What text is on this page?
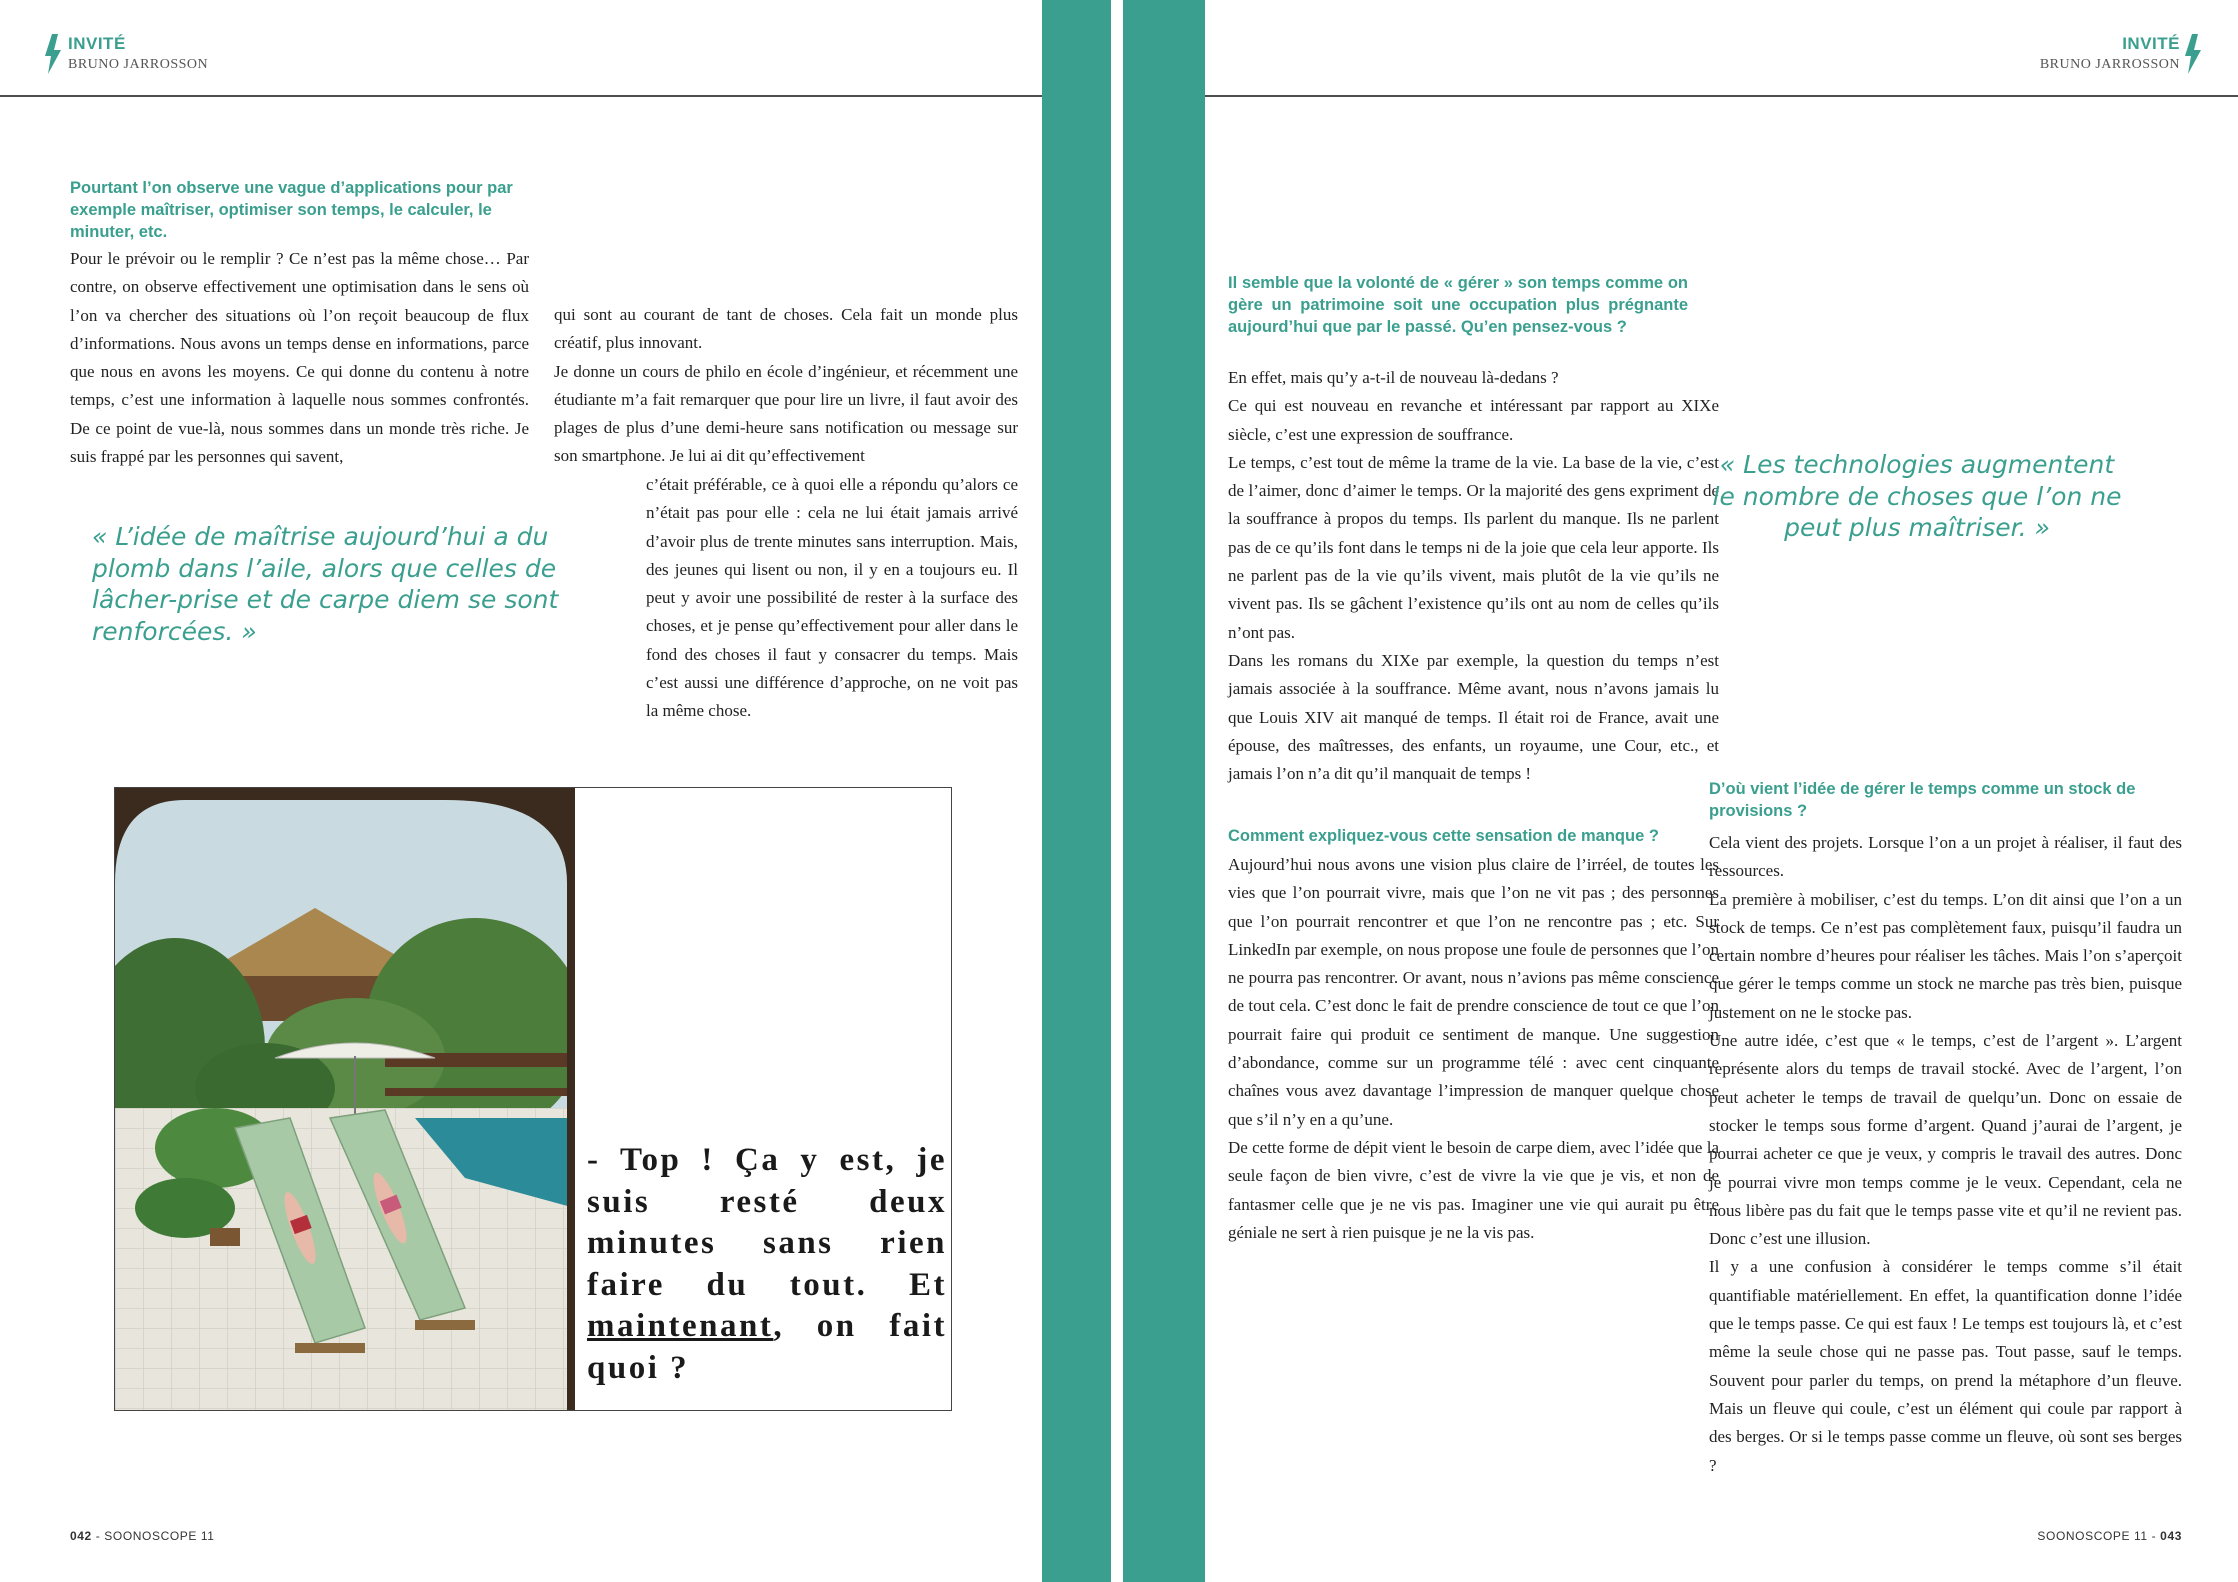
INVITÉ
BRUNO JARROSSON
Pourtant l’on observe une vague d’applications pour par exemple maîtriser, optimiser son temps, le calculer, le minuter, etc.

Pour le prévoir ou le remplir ? Ce n’est pas la même chose… Par contre, on observe effectivement une optimisation dans le sens où l’on va chercher des situations où l’on reçoit beaucoup de flux d’informations. Nous avons un temps dense en informations, parce que nous en avons les moyens. Ce qui donne du contenu à notre temps, c’est une information à laquelle nous sommes confrontés. De ce point de vue-là, nous sommes dans un monde très riche. Je suis frappé par les personnes qui savent,

qui sont au courant de tant de choses. Cela fait un monde plus créatif, plus innovant.

Je donne un cours de philo en école d’ingénieur, et récemment une étudiante m’a fait remarquer que pour lire un livre, il faut avoir des plages de plus d’une demi-heure sans notification ou message sur son smartphone. Je lui ai dit qu’effectivement

c’était préférable, ce à quoi elle a répondu qu’alors ce n’était pas pour elle : cela ne lui était jamais arrivé d’avoir plus de trente minutes sans interruption. Mais, des jeunes qui lisent ou non, il y en a toujours eu. Il peut y avoir une possibilité de rester à la surface des choses, et je pense qu’effectivement pour aller dans le fond des choses il faut y consacrer du temps. Mais c’est aussi une différence d’approche, on ne voit pas la même chose.

« L’idée de maîtrise aujourd’hui a du plomb dans l’aile, alors que celles de lâcher-prise et de carpe diem se sont renforcées. »
- Top ! Ça y est, je suis resté deux minutes sans rien faire du tout. Et maintenant, on fait quoi ?
042 - SOONOSCOPE 11
INVITÉ
BRUNO JARROSSON
Il semble que la volonté de « gérer » son temps comme on gère un patrimoine soit une occupation plus prégnante aujourd’hui que par le passé. Qu’en pensez-vous ?

En effet, mais qu’y a-t-il de nouveau là-dedans ?

Ce qui est nouveau en revanche et intéressant par rapport au XIXe siècle, c’est une expression de souffrance.

Le temps, c’est tout de même la trame de la vie. La base de la vie, c’est de l’aimer, donc d’aimer le temps. Or la majorité des gens expriment de la souffrance à propos du temps. Ils parlent du manque. Ils ne parlent pas de ce qu’ils font dans le temps ni de la joie que cela leur apporte. Ils ne parlent pas de la vie qu’ils vivent, mais plutôt de la vie qu’ils ne vivent pas. Ils se gâchent l’existence qu’ils ont au nom de celles qu’ils n’ont pas.

Dans les romans du XIXe par exemple, la question du temps n’est jamais associée à la souffrance. Même avant, nous n’avons jamais lu que Louis XIV ait manqué de temps. Il était roi de France, avait une épouse, des maîtresses, des enfants, un royaume, une Cour, etc., et jamais l’on n’a dit qu’il manquait de temps !

Comment expliquez-vous cette sensation de manque ?

Aujourd’hui nous avons une vision plus claire de l’irréel, de toutes les vies que l’on pourrait vivre, mais que l’on ne vit pas ; des personnes que l’on pourrait rencontrer et que l’on ne rencontre pas ; etc. Sur LinkedIn par exemple, on nous propose une foule de personnes que l’on ne pourra pas rencontrer. Or avant, nous n’avions pas même conscience de tout cela. C’est donc le fait de prendre conscience de tout ce que l’on pourrait faire qui produit ce sentiment de manque. Une suggestion d’abondance, comme sur un programme télé : avec cent cinquante chaînes vous avez davantage l’impression de manquer quelque chose que s’il n’y en a qu’une.

De cette forme de dépit vient le besoin de carpe diem, avec l’idée que la seule façon de bien vivre, c’est de vivre la vie que je vis, et non de fantasmer celle que je ne vis pas. Imaginer une vie qui aurait pu être géniale ne sert à rien puisque je ne la vis pas.

« Les technologies augmentent le nombre de choses que l’on ne peut plus maîtriser. »
D’où vient l’idée de gérer le temps comme un stock de provisions ?

Cela vient des projets. Lorsque l’on a un projet à réaliser, il faut des ressources.

La première à mobiliser, c’est du temps. L’on dit ainsi que l’on a un stock de temps. Ce n’est pas complètement faux, puisqu’il faudra un certain nombre d’heures pour réaliser les tâches. Mais l’on s’aperçoit que gérer le temps comme un stock ne marche pas très bien, puisque justement on ne le stocke pas.

Une autre idée, c’est que « le temps, c’est de l’argent ». L’argent représente alors du temps de travail stocké. Avec de l’argent, l’on peut acheter le temps de travail de quelqu’un. Donc on essaie de stocker le temps sous forme d’argent. Quand j’aurai de l’argent, je pourrai acheter ce que je veux, y compris le travail des autres. Donc je pourrai vivre mon temps comme je le veux. Cependant, cela ne nous libère pas du fait que le temps passe vite et qu’il ne revient pas. Donc c’est une illusion.

Il y a une confusion à considérer le temps comme s’il était quantifiable matériellement. En effet, la quantification donne l’idée que le temps passe. Ce qui est faux ! Le temps est toujours là, et c’est même la seule chose qui ne passe pas. Tout passe, sauf le temps. Souvent pour parler du temps, on prend la métaphore d’un fleuve. Mais un fleuve qui coule, c’est un élément qui coule par rapport à des berges. Or si le temps passe comme un fleuve, où sont ses berges ?

SOONOSCOPE 11 - 043
